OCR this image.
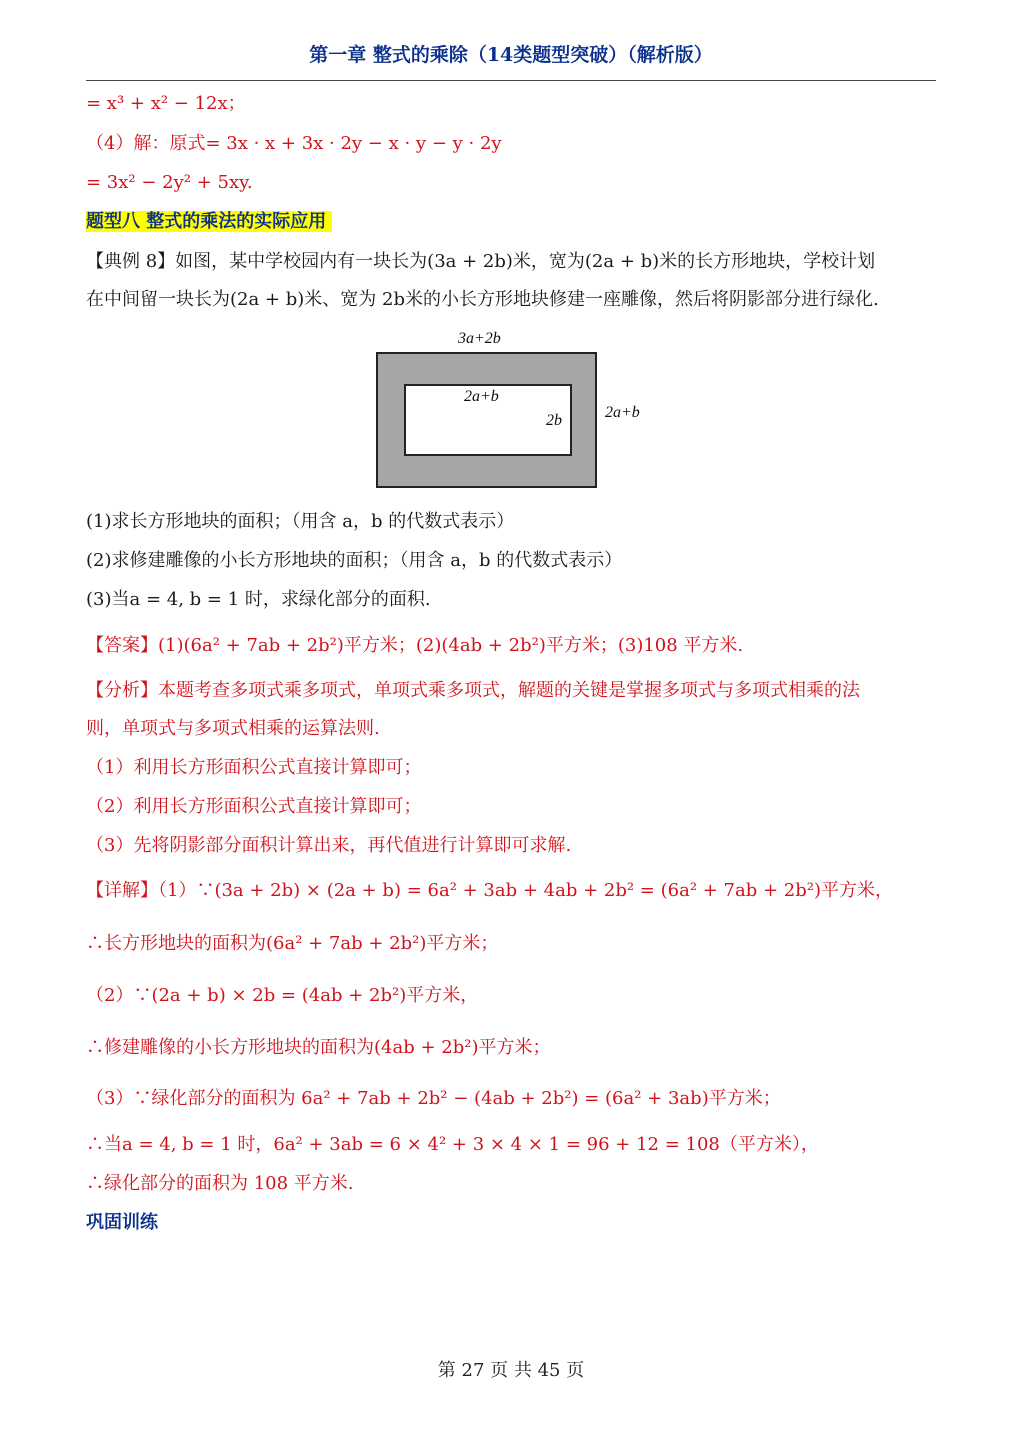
第一章 整式的乘除（14类题型突破）（解析版）
= x³ + x² − 12x；
（4）解：原式= 3x · x + 3x · 2y − x · y − y · 2y
= 3x² − 2y² + 5xy.
题型八 整式的乘法的实际应用
【典例 8】如图，某中学校园内有一块长为(3a + 2b)米，宽为(2a + b)米的长方形地块，学校计划
在中间留一块长为(2a + b)米、宽为 2b米的小长方形地块修建一座雕像，然后将阴影部分进行绿化.
3a+2b
2a+b
2b	2a+b
(1)求长方形地块的面积；（用含 a，b 的代数式表示）
(2)求修建雕像的小长方形地块的面积；（用含 a，b 的代数式表示）
(3)当a = 4, b = 1 时，求绿化部分的面积.
【答案】(1)(6a² + 7ab + 2b²)平方米；(2)(4ab + 2b²)平方米；(3)108 平方米.
【分析】本题考查多项式乘多项式，单项式乘多项式，解题的关键是掌握多项式与多项式相乘的法
则，单项式与多项式相乘的运算法则.
（1）利用长方形面积公式直接计算即可；
（2）利用长方形面积公式直接计算即可；
（3）先将阴影部分面积计算出来，再代值进行计算即可求解.
【详解】（1）∵(3a + 2b) × (2a + b) = 6a² + 3ab + 4ab + 2b² = (6a² + 7ab + 2b²)平方米，
∴长方形地块的面积为(6a² + 7ab + 2b²)平方米；
（2）∵(2a + b) × 2b = (4ab + 2b²)平方米，
∴修建雕像的小长方形地块的面积为(4ab + 2b²)平方米；
（3）∵绿化部分的面积为 6a² + 7ab + 2b² − (4ab + 2b²) = (6a² + 3ab)平方米；
∴当a = 4, b = 1 时，6a² + 3ab = 6 × 4² + 3 × 4 × 1 = 96 + 12 = 108（平方米），
∴绿化部分的面积为 108 平方米.
巩固训练
第 27 页 共 45 页
